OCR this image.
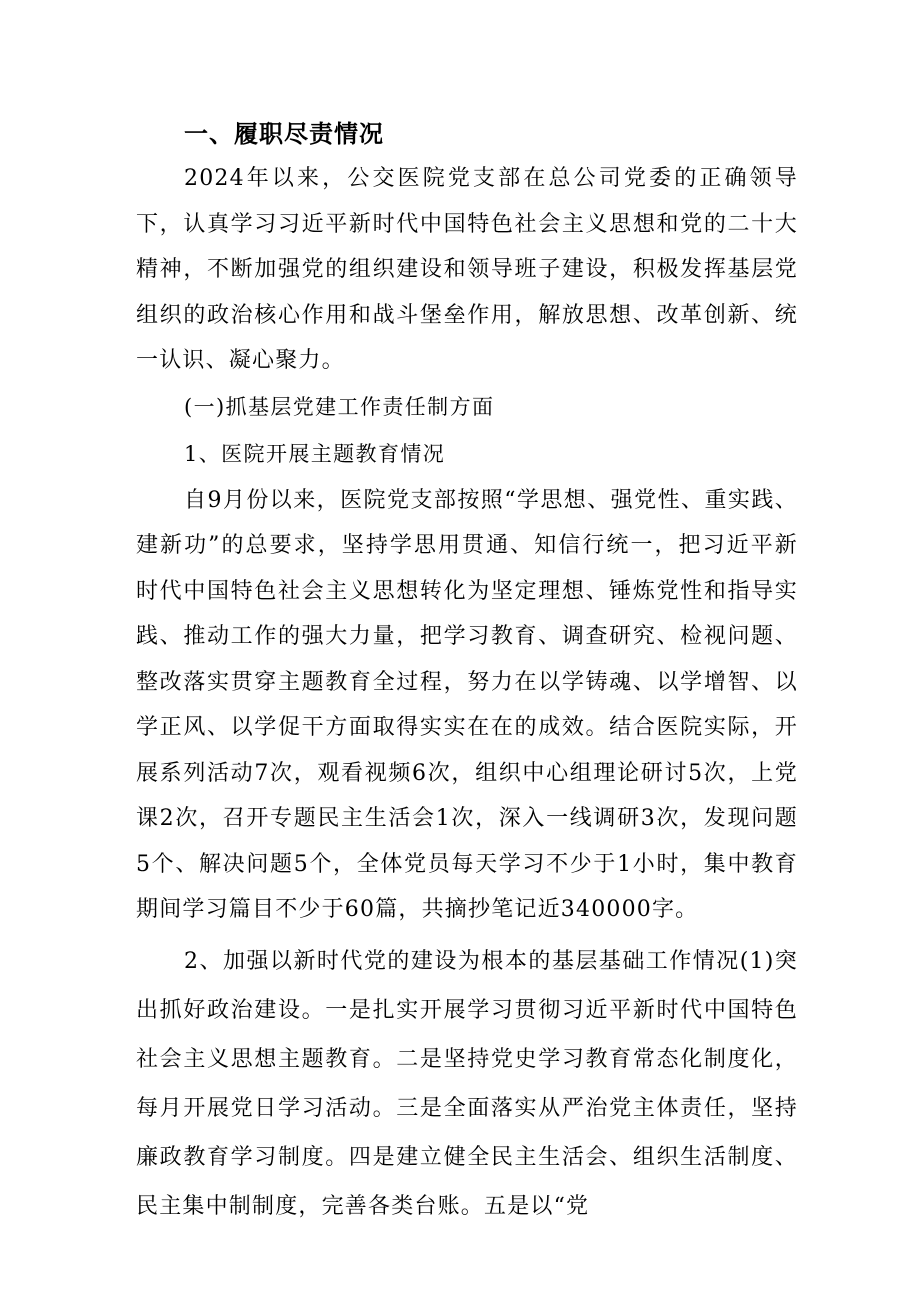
一、履职尽责情况

2024年以来，公交医院党支部在总公司党委的正确领导下，认真学习习近平新时代中国特色社会主义思想和党的二十大精神，不断加强党的组织建设和领导班子建设，积极发挥基层党组织的政治核心作用和战斗堡垒作用，解放思想、改革创新、统一认识、凝心聚力。

(一)抓基层党建工作责任制方面

1、医院开展主题教育情况

自9月份以来，医院党支部按照“学思想、强党性、重实践、建新功”的总要求，坚持学思用贯通、知信行统一，把习近平新时代中国特色社会主义思想转化为坚定理想、锤炼党性和指导实践、推动工作的强大力量，把学习教育、调查研究、检视问题、整改落实贯穿主题教育全过程，努力在以学铸魂、以学增智、以学正风、以学促干方面取得实实在在的成效。结合医院实际，开展系列活动7次，观看视频6次，组织中心组理论研讨5次，上党课2次，召开专题民主生活会1次，深入一线调研3次，发现问题5个、解决问题5个，全体党员每天学习不少于1小时，集中教育期间学习篇目不少于60篇，共摘抄笔记近340000字。

2、加强以新时代党的建设为根本的基层基础工作情况(1)突出抓好政治建设。一是扎实开展学习贯彻习近平新时代中国特色社会主义思想主题教育。二是坚持党史学习教育常态化制度化，每月开展党日学习活动。三是全面落实从严治党主体责任，坚持廉政教育学习制度。四是建立健全民主生活会、组织生活制度、民主集中制制度，完善各类台账。五是以“党
